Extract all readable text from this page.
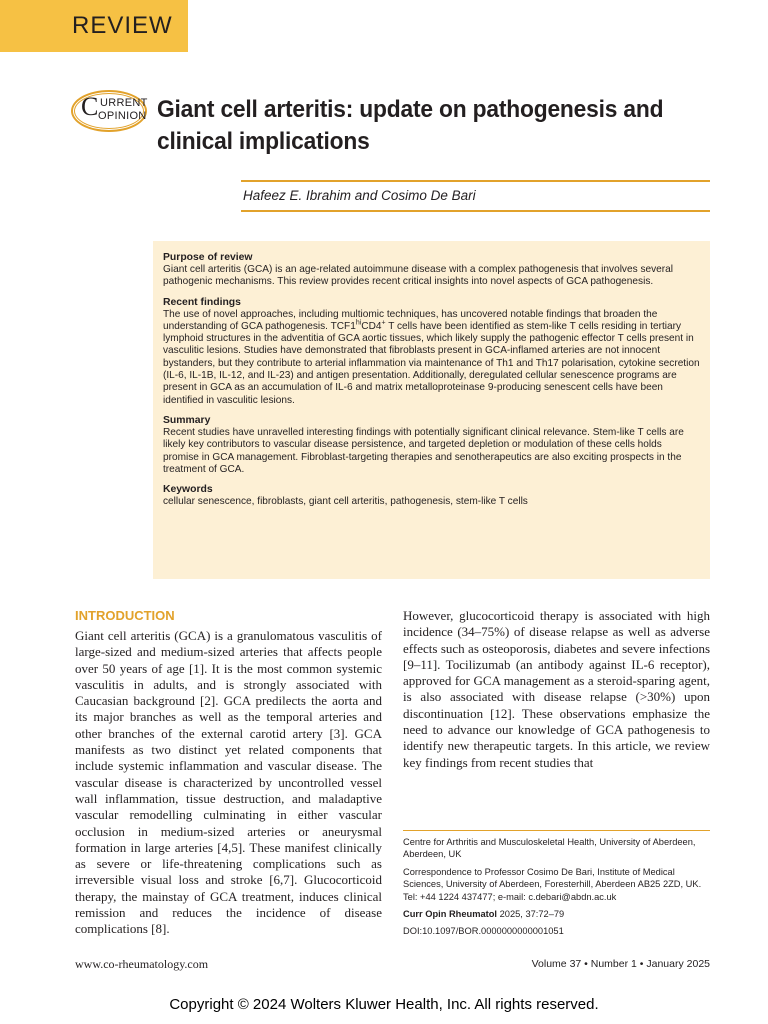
REVIEW
C URRENT
OPINION Giant cell arteritis: update on pathogenesis and clinical implications
Hafeez E. Ibrahim and Cosimo De Bari
Purpose of review

Giant cell arteritis (GCA) is an age-related autoimmune disease with a complex pathogenesis that involves several pathogenic mechanisms. This review provides recent critical insights into novel aspects of GCA pathogenesis.

Recent findings

The use of novel approaches, including multiomic techniques, has uncovered notable findings that broaden the understanding of GCA pathogenesis. $TCF1^{hi}CD4^+$ T cells have been identified as stem-like T cells residing in tertiary lymphoid structures in the adventitia of GCA aortic tissues, which likely supply the pathogenic effector T cells present in vasculitic lesions. Studies have demonstrated that fibroblasts present in GCA-inflamed arteries are not innocent bystanders, but they contribute to arterial inflammation via maintenance of Th1 and Th17 polarisation, cytokine secretion (IL-6, IL-1B, IL-12, and IL-23) and antigen presentation. Additionally, deregulated cellular senescence programs are present in GCA as an accumulation of IL-6 and matrix metalloproteinase 9-producing senescent cells have been identified in vasculitic lesions.

Summary

Recent studies have unravelled interesting findings with potentially significant clinical relevance. Stem-like T cells are likely key contributors to vascular disease persistence, and targeted depletion or modulation of these cells holds promise in GCA management. Fibroblast-targeting therapies and senotherapeutics are also exciting prospects in the treatment of GCA.

Keywords

cellular senescence, fibroblasts, giant cell arteritis, pathogenesis, stem-like T cells

INTRODUCTION

Giant cell arteritis (GCA) is a granulomatous vasculitis of large-sized and medium-sized arteries that affects people over 50 years of age [1]. It is the most common systemic vasculitis in adults, and is strongly associated with Caucasian background [2]. GCA predilects the aorta and its major branches as well as the temporal arteries and other branches of the external carotid artery [3]. GCA manifests as two distinct yet related components that include systemic inflammation and vascular disease. The vascular disease is characterized by uncontrolled vessel wall inflammation, tissue destruction, and maladaptive vascular remodelling culminating in either vascular occlusion in medium-sized arteries or aneurysmal formation in large arteries [4,5]. These manifest clinically as severe or life-threatening complications such as irreversible visual loss and stroke [6,7]. Glucocorticoid therapy, the mainstay of GCA treatment, induces clinical remission and reduces the incidence of disease complications [8].

However, glucocorticoid therapy is associated with high incidence (34–75%) of disease relapse as well as adverse effects such as osteoporosis, diabetes and severe infections [9–11]. Tocilizumab (an antibody against IL-6 receptor), approved for GCA management as a steroid-sparing agent, is also associated with disease relapse (>30%) upon discontinuation [12]. These observations emphasize the need to advance our knowledge of GCA pathogenesis to identify new therapeutic targets. In this article, we review key findings from recent studies that

Centre for Arthritis and Musculoskeletal Health, University of Aberdeen, Aberdeen, UK

Correspondence to Professor Cosimo De Bari, Institute of Medical Sciences, University of Aberdeen, Foresterhill, Aberdeen AB25 2ZD, UK. Tel: +44 1224 437477; e-mail: c.debari@abdn.ac.uk

Curr Opin Rheumatol 2025, 37:72–79

DOI:10.1097/BOR.0000000000001051

www.co-rheumatology.com	Volume 37 • Number 1 • January 2025
Copyright © 2024 Wolters Kluwer Health, Inc. All rights reserved.
